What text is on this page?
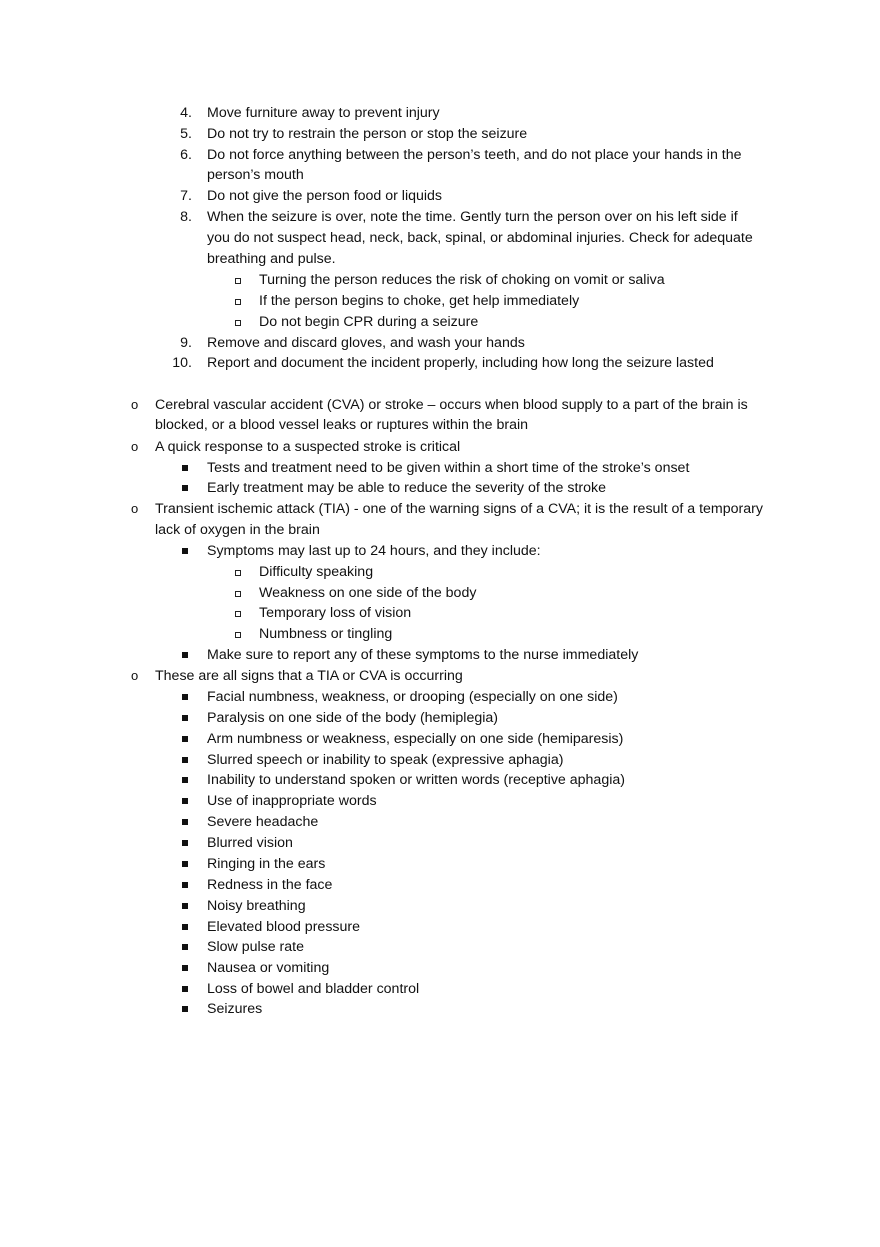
4. Move furniture away to prevent injury
5. Do not try to restrain the person or stop the seizure
6. Do not force anything between the person’s teeth, and do not place your hands in the
person’s mouth
7. Do not give the person food or liquids
8. When the seizure is over, note the time. Gently turn the person over on his left side if
you do not suspect head, neck, back, spinal, or abdominal injuries. Check for adequate
breathing and pulse.
Turning the person reduces the risk of choking on vomit or saliva
If the person begins to choke, get help immediately
Do not begin CPR during a seizure
9. Remove and discard gloves, and wash your hands
10. Report and document the incident properly, including how long the seizure lasted
o Cerebral vascular accident (CVA) or stroke – occurs when blood supply to a part of the brain is
blocked, or a blood vessel leaks or ruptures within the brain
o A quick response to a suspected stroke is critical
Tests and treatment need to be given within a short time of the stroke’s onset
Early treatment may be able to reduce the severity of the stroke
o Transient ischemic attack (TIA) - one of the warning signs of a CVA; it is the result of a temporary
lack of oxygen in the brain
Symptoms may last up to 24 hours, and they include:
Difficulty speaking
Weakness on one side of the body
Temporary loss of vision
Numbness or tingling
Make sure to report any of these symptoms to the nurse immediately
o These are all signs that a TIA or CVA is occurring
Facial numbness, weakness, or drooping (especially on one side)
Paralysis on one side of the body (hemiplegia)
Arm numbness or weakness, especially on one side (hemiparesis)
Slurred speech or inability to speak (expressive aphagia)
Inability to understand spoken or written words (receptive aphagia)
Use of inappropriate words
Severe headache
Blurred vision
Ringing in the ears
Redness in the face
Noisy breathing
Elevated blood pressure
Slow pulse rate
Nausea or vomiting
Loss of bowel and bladder control
Seizures
